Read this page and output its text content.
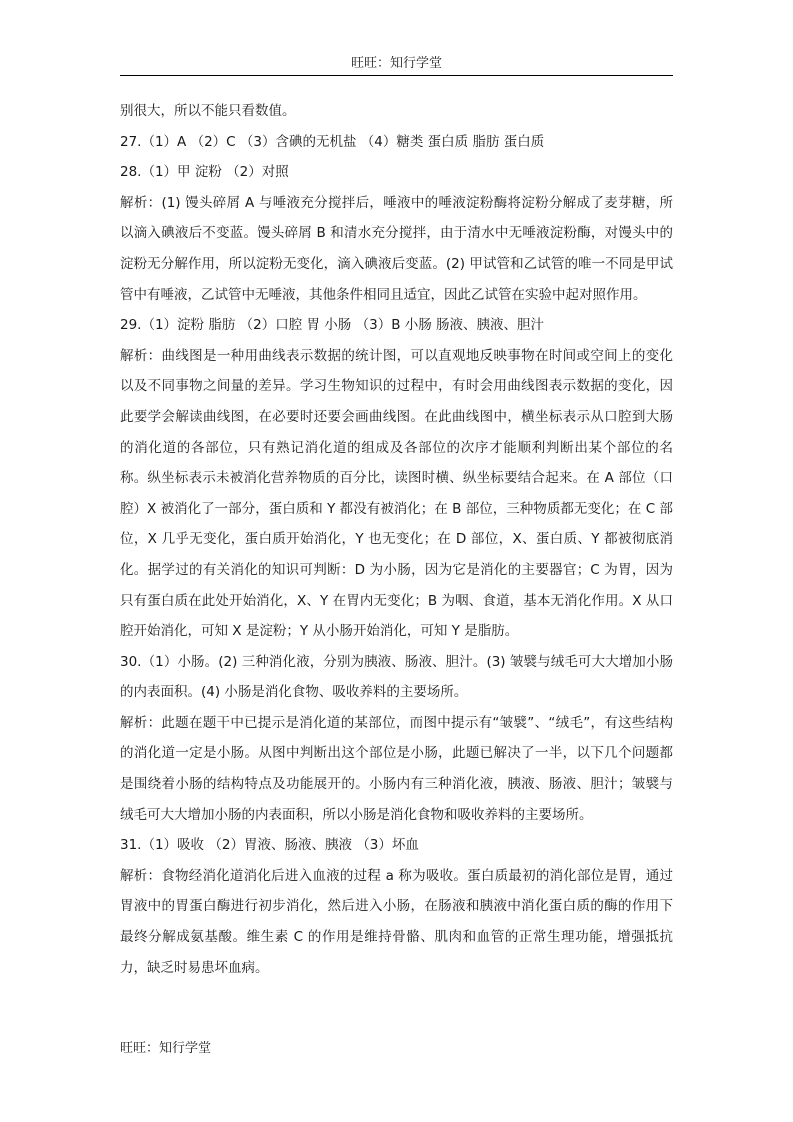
旺旺：知行学堂

别很大，所以不能只看数值。

27.（1）A （2）C （3）含碘的无机盐 （4）糖类 蛋白质 脂肪 蛋白质

28.（1）甲 淀粉 （2）对照

解析：(1) 馒头碎屑 A 与唾液充分搅拌后，唾液中的唾液淀粉酶将淀粉分解成了麦芽糖，所以滴入碘液后不变蓝。馒头碎屑 B 和清水充分搅拌，由于清水中无唾液淀粉酶，对馒头中的淀粉无分解作用，所以淀粉无变化，滴入碘液后变蓝。(2) 甲试管和乙试管的唯一不同是甲试管中有唾液，乙试管中无唾液，其他条件相同且适宜，因此乙试管在实验中起对照作用。

29.（1）淀粉 脂肪 （2）口腔 胃 小肠 （3）B 小肠 肠液、胰液、胆汁

解析：曲线图是一种用曲线表示数据的统计图，可以直观地反映事物在时间或空间上的变化以及不同事物之间量的差异。学习生物知识的过程中，有时会用曲线图表示数据的变化，因此要学会解读曲线图，在必要时还要会画曲线图。在此曲线图中，横坐标表示从口腔到大肠的消化道的各部位，只有熟记消化道的组成及各部位的次序才能顺利判断出某个部位的名称。纵坐标表示未被消化营养物质的百分比，读图时横、纵坐标要结合起来。在 A 部位（口腔）X 被消化了一部分，蛋白质和 Y 都没有被消化；在 B 部位，三种物质都无变化；在 C 部位，X 几乎无变化，蛋白质开始消化，Y 也无变化；在 D 部位，X、蛋白质、Y 都被彻底消化。据学过的有关消化的知识可判断：D 为小肠，因为它是消化的主要器官；C 为胃，因为只有蛋白质在此处开始消化，X、Y 在胃内无变化；B 为咽、食道，基本无消化作用。X 从口腔开始消化，可知 X 是淀粉；Y 从小肠开始消化，可知 Y 是脂肪。

30.（1）小肠。(2) 三种消化液，分别为胰液、肠液、胆汁。(3) 皱襞与绒毛可大大增加小肠的内表面积。(4) 小肠是消化食物、吸收养料的主要场所。

解析：此题在题干中已提示是消化道的某部位，而图中提示有“皱襞”、“绒毛”，有这些结构的消化道一定是小肠。从图中判断出这个部位是小肠，此题已解决了一半，以下几个问题都是围绕着小肠的结构特点及功能展开的。小肠内有三种消化液，胰液、肠液、胆汁；皱襞与绒毛可大大增加小肠的内表面积，所以小肠是消化食物和吸收养料的主要场所。

31.（1）吸收 （2）胃液、肠液、胰液 （3）坏血

解析：食物经消化道消化后进入血液的过程 a 称为吸收。蛋白质最初的消化部位是胃，通过胃液中的胃蛋白酶进行初步消化，然后进入小肠，在肠液和胰液中消化蛋白质的酶的作用下最终分解成氨基酸。维生素 C 的作用是维持骨骼、肌肉和血管的正常生理功能，增强抵抗力，缺乏时易患坏血病。

旺旺：知行学堂
